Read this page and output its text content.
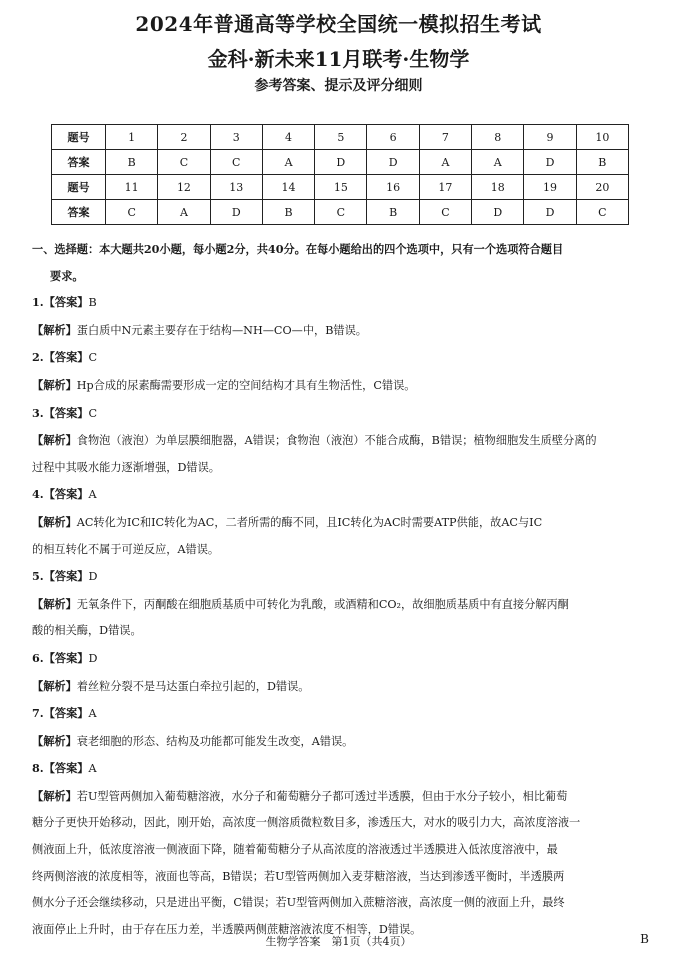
2024年普通高等学校全国统一模拟招生考试
金科·新未来11月联考·生物学
参考答案、提示及评分细则
题号	1	2	3	4	5	6	7	8	9	10
答案	B	C	C	A	D	D	A	A	D	B
题号	11	12	13	14	15	16	17	18	19	20
答案	C	A	D	B	C	B	C	D	D	C

一、选择题：本大题共20小题，每小题2分，共40分。在每小题给出的四个选项中，只有一个选项符合题目

要求。

1.【答案】B

【解析】蛋白质中N元素主要存在于结构—NH—CO—中，B错误。

2.【答案】C

【解析】Hp合成的尿素酶需要形成一定的空间结构才具有生物活性，C错误。

3.【答案】C

【解析】食物泡（液泡）为单层膜细胞器，A错误；食物泡（液泡）不能合成酶，B错误；植物细胞发生质壁分离的

过程中其吸水能力逐渐增强，D错误。

4.【答案】A

【解析】AC转化为IC和IC转化为AC，二者所需的酶不同，且IC转化为AC时需要ATP供能，故AC与IC

的相互转化不属于可逆反应，A错误。

5.【答案】D

【解析】无氧条件下，丙酮酸在细胞质基质中可转化为乳酸，或酒精和CO₂，故细胞质基质中有直接分解丙酮

酸的相关酶，D错误。

6.【答案】D

【解析】着丝粒分裂不是马达蛋白牵拉引起的，D错误。

7.【答案】A

【解析】衰老细胞的形态、结构及功能都可能发生改变，A错误。

8.【答案】A

【解析】若U型管两侧加入葡萄糖溶液，水分子和葡萄糖分子都可透过半透膜，但由于水分子较小，相比葡萄

糖分子更快开始移动，因此，刚开始，高浓度一侧溶质微粒数目多，渗透压大，对水的吸引力大，高浓度溶液一

侧液面上升，低浓度溶液一侧液面下降，随着葡萄糖分子从高浓度的溶液透过半透膜进入低浓度溶液中，最

终两侧溶液的浓度相等，液面也等高，B错误；若U型管两侧加入麦芽糖溶液，当达到渗透平衡时，半透膜两

侧水分子还会继续移动，只是进出平衡，C错误；若U型管两侧加入蔗糖溶液，高浓度一侧的液面上升，最终

液面停止上升时，由于存在压力差，半透膜两侧蔗糖溶液浓度不相等，D错误。

生物学答案　第1页（共4页）	B
